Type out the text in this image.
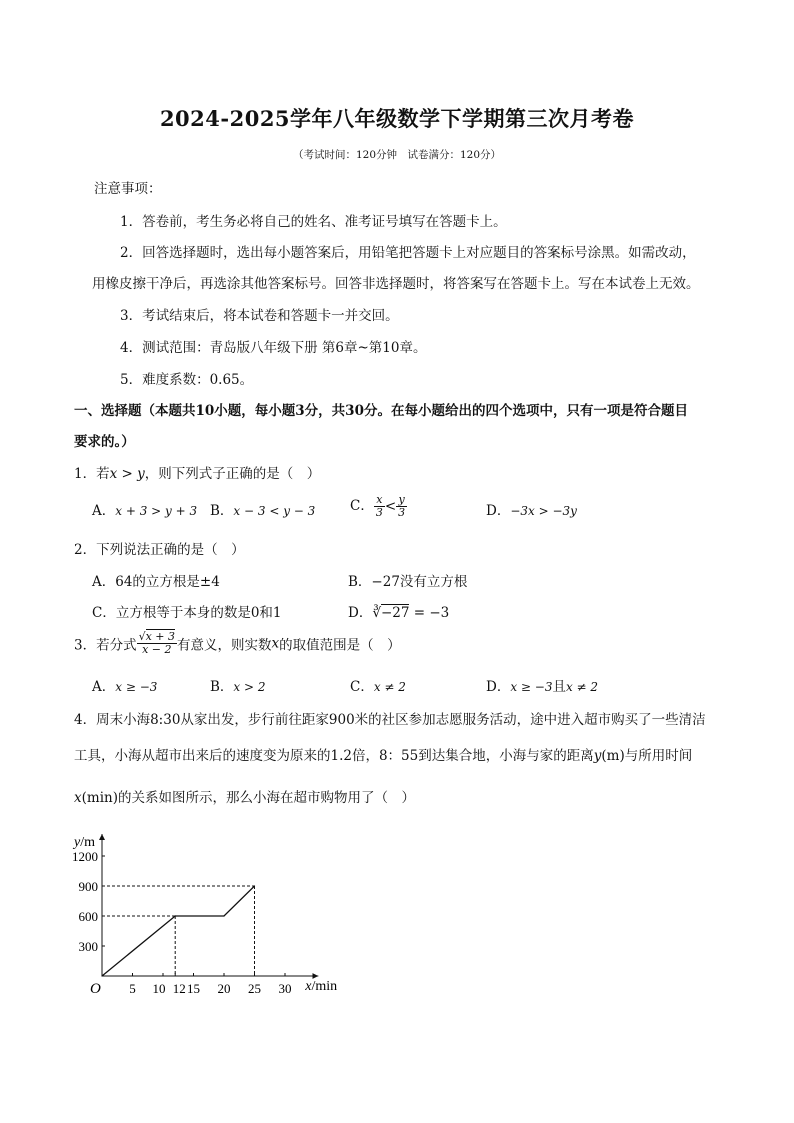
2024-2025学年八年级数学下学期第三次月考卷
（考试时间：120分钟　试卷满分：120分）
注意事项：
1．答卷前，考生务必将自己的姓名、准考证号填写在答题卡上。
2．回答选择题时，选出每小题答案后，用铅笔把答题卡上对应题目的答案标号涂黑。如需改动，
用橡皮擦干净后，再选涂其他答案标号。回答非选择题时，将答案写在答题卡上。写在本试卷上无效。
3．考试结束后，将本试卷和答题卡一并交回。
4．测试范围：青岛版八年级下册 第6章~第10章。
5．难度系数：0.65。
一、选择题（本题共10小题，每小题3分，共30分。在每小题给出的四个选项中，只有一项是符合题目
要求的。）
1．若x > y，则下列式子正确的是（　）
A．x + 3 > y + 3 B．x − 3 < y − 3	C． $\frac{x}{3} < \frac{y}{3}$	D．−3x > −3y
2．下列说法正确的是（　）
A．64的立方根是±4	B．−27没有立方根
C．立方根等于本身的数是0和1	D．∛−27 = −3
3．若分式 $\frac{√x + 3}{x - 2}$ 有意义，则实数x的取值范围是（　）
A．x ≥ −3	B．x > 2	C．x ≠ 2	D．x ≥ −3且x ≠ 2
4．周末小海8:30从家出发，步行前往距家900米的社区参加志愿服务活动，途中进入超市购买了一些清洁
工具，小海从超市出来后的速度变为原来的1.2倍，8：55到达集合地，小海与家的距离y(m)与所用时间
x(min)的关系如图所示，那么小海在超市购物用了（　）
y/m
x/min
O
300
600
900
1200
5 10 12 15 20 25 30
